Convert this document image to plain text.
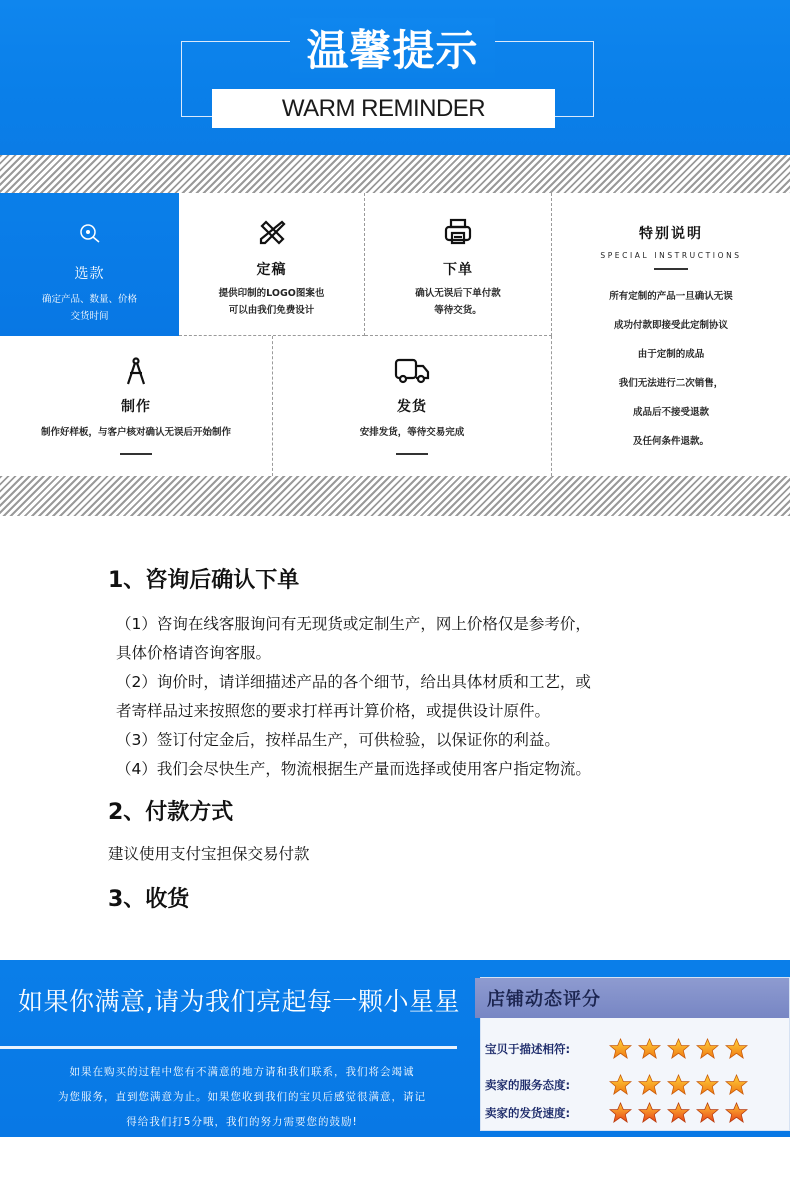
温馨提示
WARM REMINDER
选款
确定产品、数量、价格
交货时间
定稿
提供印制的LOGO图案也
可以由我们免费设计
下单
确认无误后下单付款
等待交货。
制作
制作好样板，与客户核对确认无误后开始制作
发货
安排发货，等待交易完成
特别说明
SPECIAL INSTRUCTIONS
所有定制的产品一旦确认无误
成功付款即接受此定制协议
由于定制的成品
我们无法进行二次销售，
成品后不接受退款
及任何条件退款。
1、咨询后确认下单
（1）咨询在线客服询问有无现货或定制生产，网上价格仅是参考价，
具体价格请咨询客服。
（2）询价时，请详细描述产品的各个细节，给出具体材质和工艺，或
者寄样品过来按照您的要求打样再计算价格，或提供设计原件。
（3）签订付定金后，按样品生产，可供检验，以保证你的利益。
（4）我们会尽快生产，物流根据生产量而选择或使用客户指定物流。
2、付款方式
建议使用支付宝担保交易付款
3、收货
如果你满意,请为我们亮起每一颗小星星
如果在购买的过程中您有不满意的地方请和我们联系，我们将会竭诚
为您服务，直到您满意为止。如果您收到我们的宝贝后感觉很满意，请记
得给我们打5分哦，我们的努力需要您的鼓励!
店铺动态评分
宝贝于描述相符:
卖家的服务态度:
卖家的发货速度:
